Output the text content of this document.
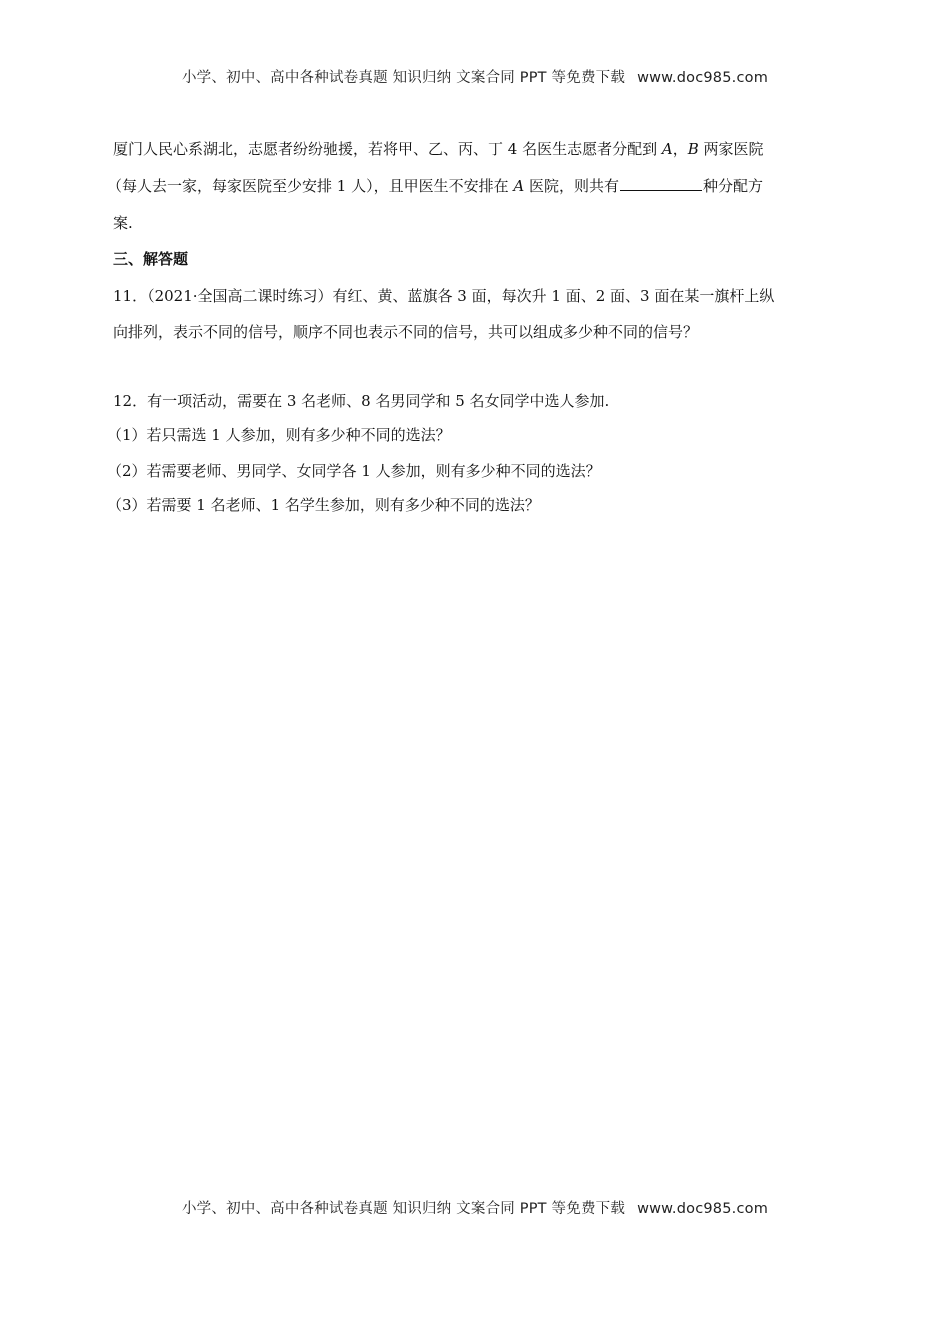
小学、初中、高中各种试卷真题 知识归纳 文案合同 PPT 等免费下载 www.doc985.com
厦门人民心系湖北，志愿者纷纷驰援，若将甲、乙、丙、丁 4 名医生志愿者分配到 A，B 两家医院
（每人去一家，每家医院至少安排 1 人），且甲医生不安排在 A 医院，则共有	种分配方
案.
三、解答题
11．（2021·全国高二课时练习）有红、黄、蓝旗各 3 面，每次升 1 面、2 面、3 面在某一旗杆上纵
向排列，表示不同的信号，顺序不同也表示不同的信号，共可以组成多少种不同的信号？
12．有一项活动，需要在 3 名老师、8 名男同学和 5 名女同学中选人参加.
（1）若只需选 1 人参加，则有多少种不同的选法？
（2）若需要老师、男同学、女同学各 1 人参加，则有多少种不同的选法？
（3）若需要 1 名老师、1 名学生参加，则有多少种不同的选法？
小学、初中、高中各种试卷真题 知识归纳 文案合同 PPT 等免费下载 www.doc985.com
